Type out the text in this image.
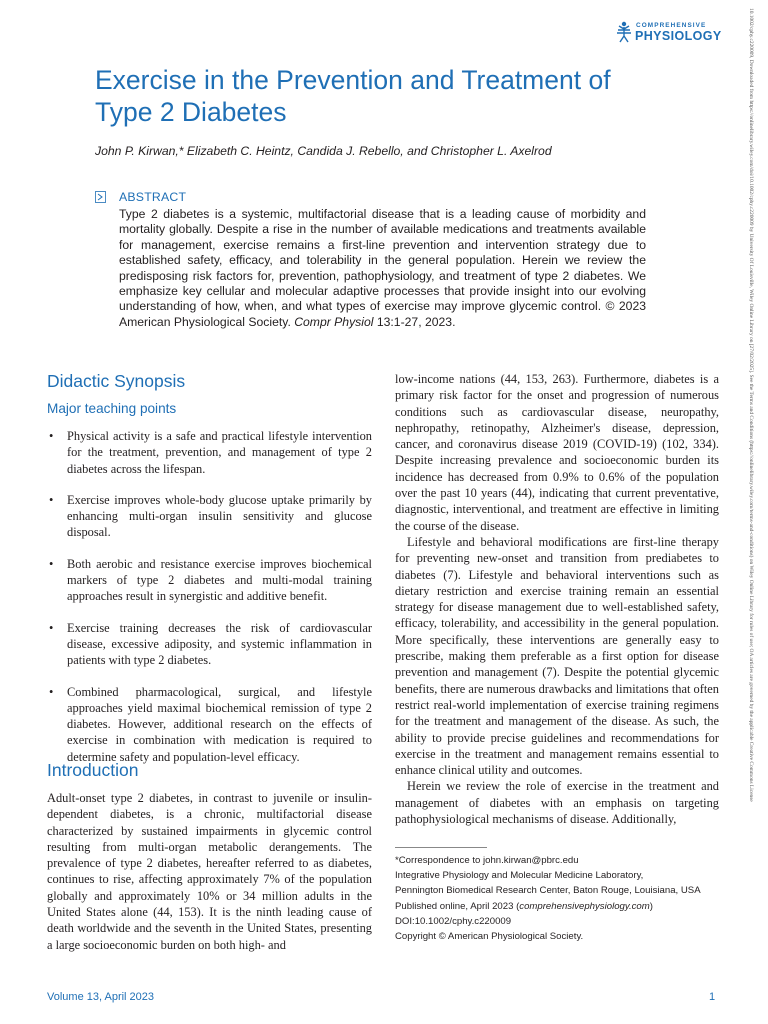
COMPREHENSIVE
PHYSIOLOGY	10.1002/cphy.c220009, Downloaded from https://onlinelibrary.wiley.com/doi/10.1002/cphy.c220009 by University Of Louisville, Wiley Online Library on [27/02/2025]. See the Terms and Conditions (https://onlinelibrary.wiley.com/terms-and-conditions) on Wiley Online Library for rules of use; OA articles are governed by the applicable Creative Commons License
Exercise in the Prevention and Treatment of Type 2 Diabetes
John P. Kirwan,* Elizabeth C. Heintz, Candida J. Rebello, and Christopher L. Axelrod
ABSTRACT
Type 2 diabetes is a systemic, multifactorial disease that is a leading cause of morbidity and mortality globally. Despite a rise in the number of available medications and treatments available for management, exercise remains a first-line prevention and intervention strategy due to established safety, efficacy, and tolerability in the general population. Herein we review the predisposing risk factors for, prevention, pathophysiology, and treatment of type 2 diabetes. We emphasize key cellular and molecular adaptive processes that provide insight into our evolving understanding of how, when, and what types of exercise may improve glycemic control. © 2023 American Physiological Society. Compr Physiol 13:1-27, 2023.
Didactic Synopsis
Major teaching points
• Physical activity is a safe and practical lifestyle intervention for the treatment, prevention, and management of type 2 diabetes across the lifespan.
• Exercise improves whole-body glucose uptake primarily by enhancing multi-organ insulin sensitivity and glucose disposal.
• Both aerobic and resistance exercise improves biochemical markers of type 2 diabetes and multi-modal training approaches result in synergistic and additive benefit.
• Exercise training decreases the risk of cardiovascular disease, excessive adiposity, and systemic inflammation in patients with type 2 diabetes.
• Combined pharmacological, surgical, and lifestyle approaches yield maximal biochemical remission of type 2 diabetes. However, additional research on the effects of exercise in combination with medication is required to determine safety and population-level efficacy.
Introduction

Adult-onset type 2 diabetes, in contrast to juvenile or insulin-dependent diabetes, is a chronic, multifactorial disease characterized by sustained impairments in glycemic control resulting from multi-organ metabolic derangements. The prevalence of type 2 diabetes, hereafter referred to as diabetes, continues to rise, affecting approximately 7% of the population globally and approximately 10% or 34 million adults in the United States alone (44, 153). It is the ninth leading cause of death worldwide and the seventh in the United States, presenting a large socioeconomic burden on both high- and

low-income nations (44, 153, 263). Furthermore, diabetes is a primary risk factor for the onset and progression of numerous conditions such as cardiovascular disease, neuropathy, nephropathy, retinopathy, Alzheimer's disease, depression, cancer, and coronavirus disease 2019 (COVID-19) (102, 334). Despite increasing prevalence and socioeconomic burden its incidence has decreased from 0.9% to 0.6% of the population over the past 10 years (44), indicating that current preventative, diagnostic, interventional, and treatment are effective in limiting the course of the disease.

Lifestyle and behavioral modifications are first-line therapy for preventing new-onset and transition from prediabetes to diabetes (7). Lifestyle and behavioral interventions such as dietary restriction and exercise training remain an essential strategy for disease management due to well-established safety, efficacy, tolerability, and accessibility in the general population. More specifically, these interventions are generally easy to prescribe, making them preferable as a first option for disease prevention and management (7). Despite the potential glycemic benefits, there are numerous drawbacks and limitations that often restrict real-world implementation of exercise training regimens for the treatment and management of the disease. As such, the ability to provide precise guidelines and recommendations for exercise in the treatment and management remains essential to enhance clinical utility and outcomes.

Herein we review the role of exercise in the treatment and management of diabetes with an emphasis on targeting pathophysiological mechanisms of disease. Additionally,

*Correspondence to john.kirwan@pbrc.edu
Integrative Physiology and Molecular Medicine Laboratory,
Pennington Biomedical Research Center, Baton Rouge, Louisiana, USA
Published online, April 2023 (comprehensivephysiology.com)
DOI:10.1002/cphy.c220009
Copyright © American Physiological Society.
Volume 13, April 2023	1
